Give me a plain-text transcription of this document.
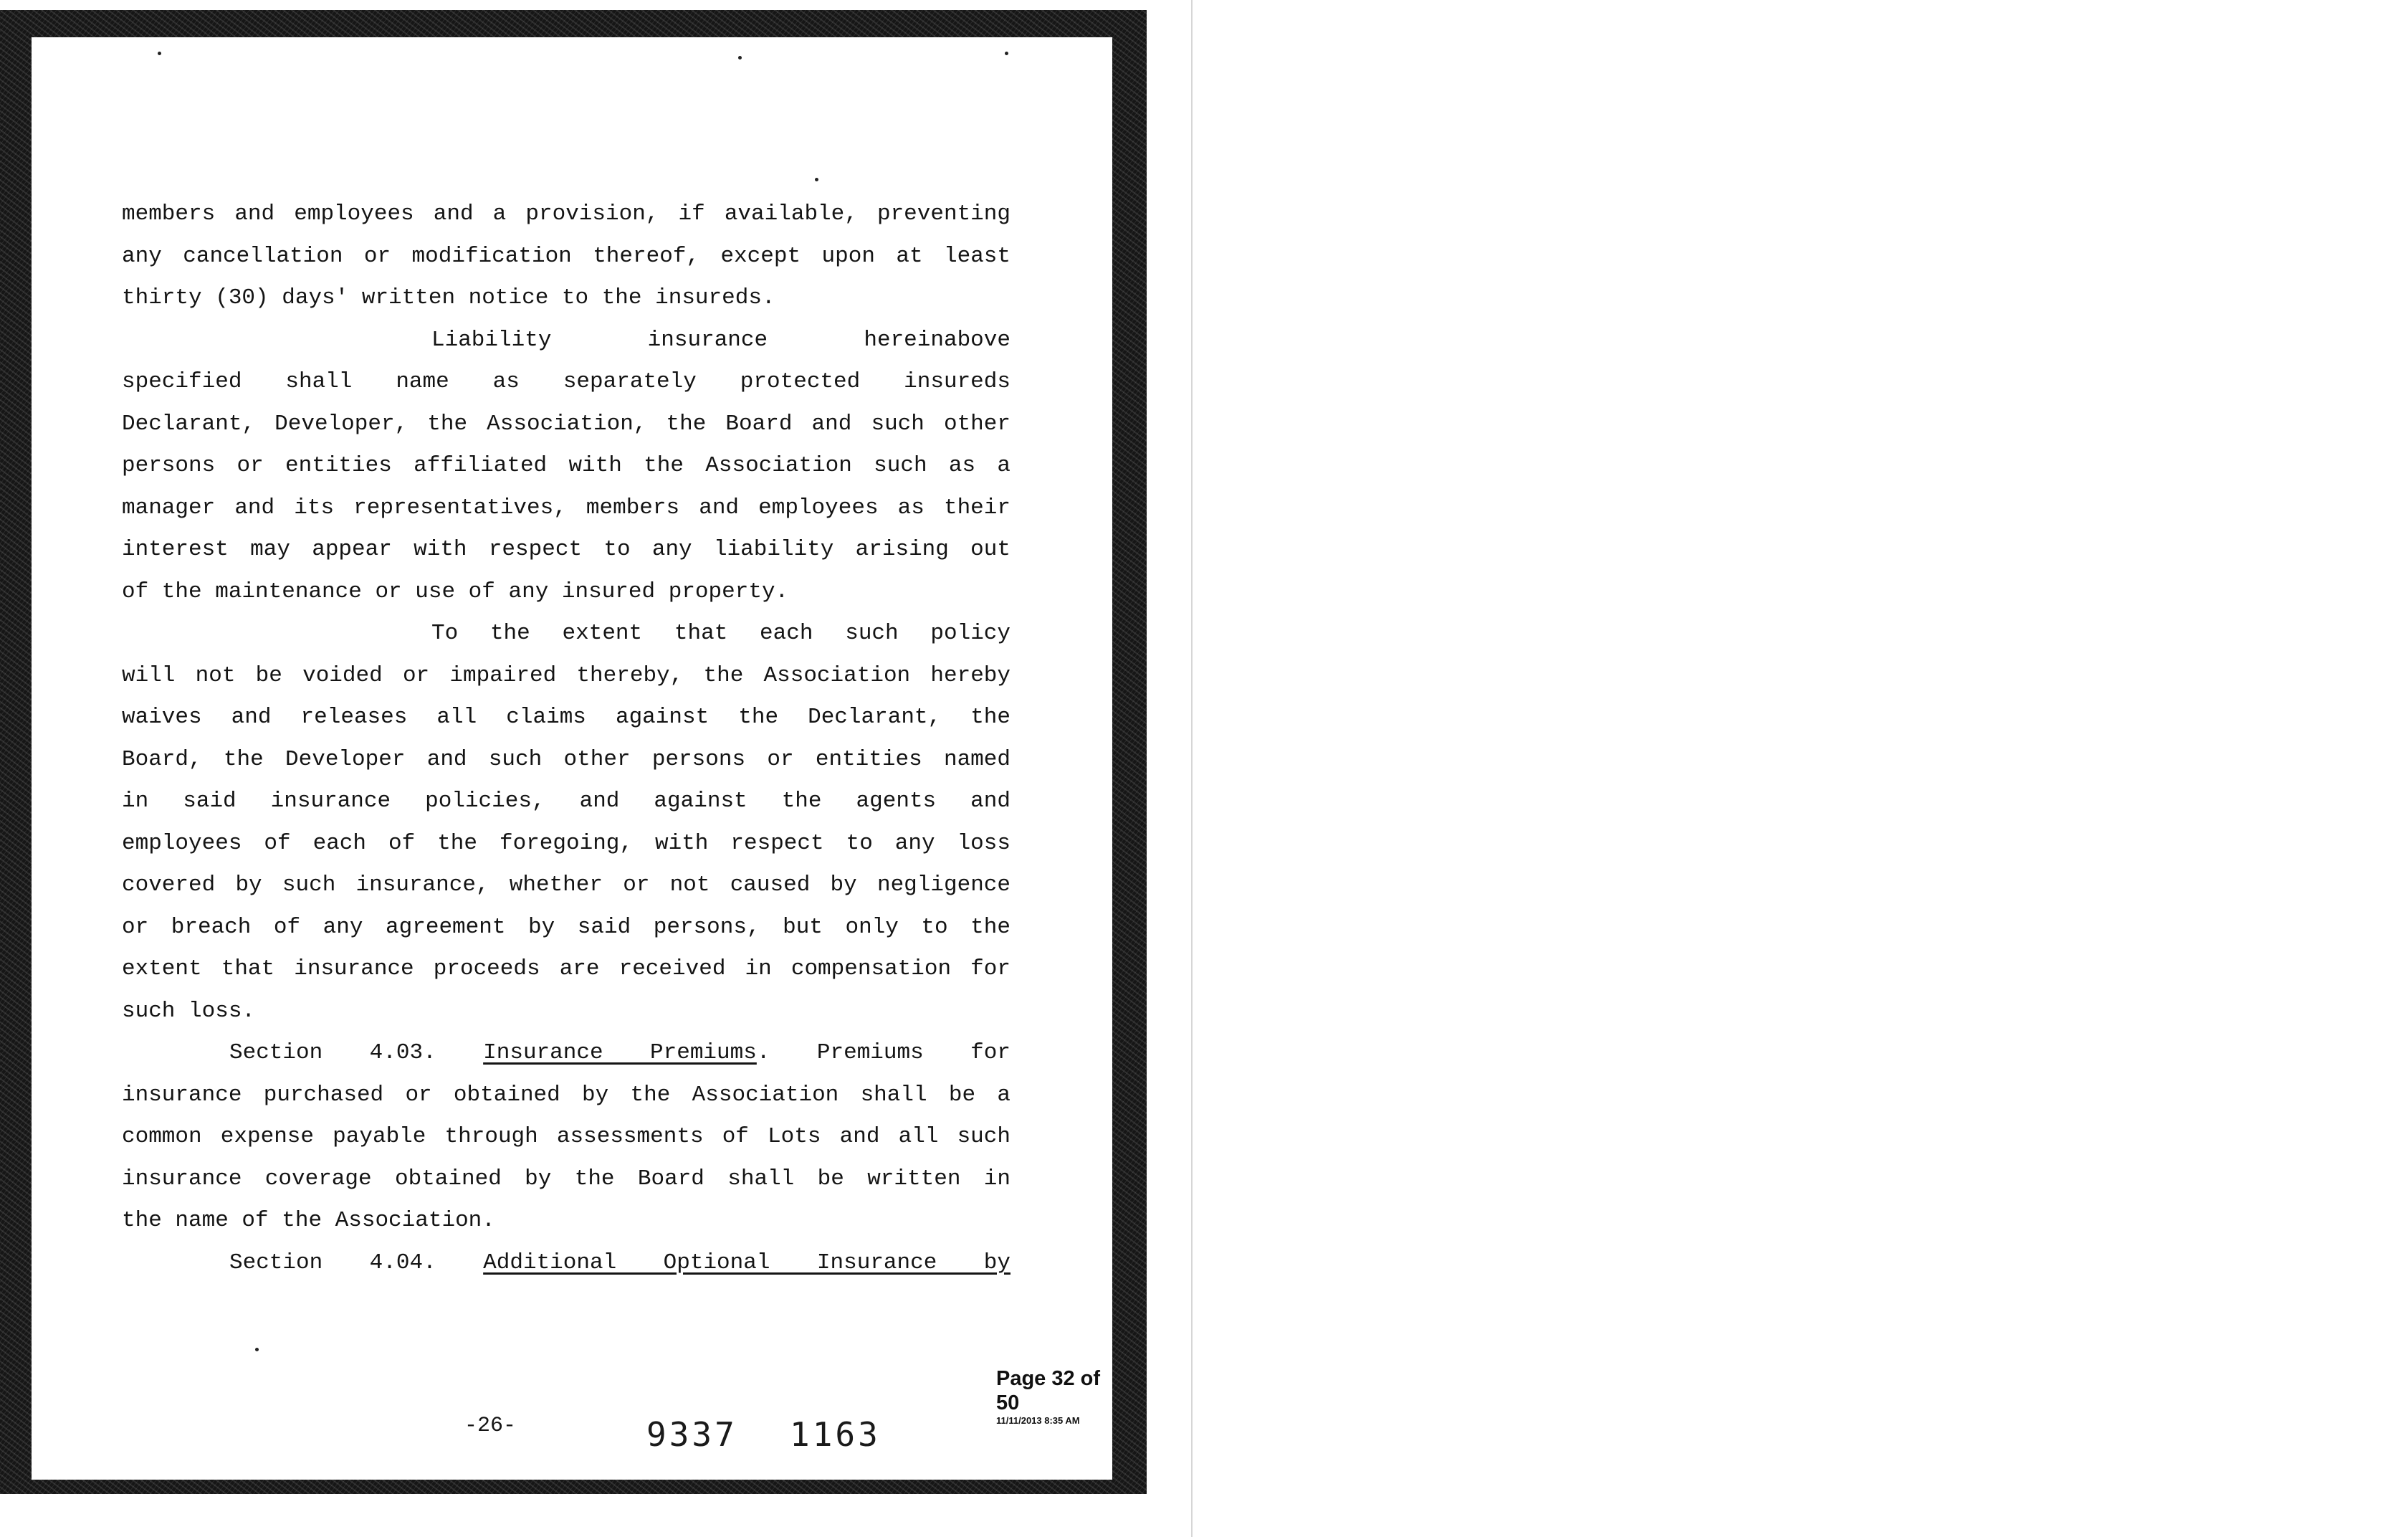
members and employees and a provision, if available, preventing
any cancellation or modification thereof, except upon at least
thirty (30) days' written notice to the insureds.

Liability insurance hereinabove
specified shall name as separately protected insureds
Declarant, Developer, the Association, the Board and such other
persons or entities affiliated with the Association such as a
manager and its representatives, members and employees as their
interest may appear with respect to any liability arising out
of the maintenance or use of any insured property.

To the extent that each such policy
will not be voided or impaired thereby, the Association hereby
waives and releases all claims against the Declarant, the
Board, the Developer and such other persons or entities named
in said insurance policies, and against the agents and
employees of each of the foregoing, with respect to any loss
covered by such insurance, whether or not caused by negligence
or breach of any agreement by said persons, but only to the
extent that insurance proceeds are received in compensation for
such loss.

Section 4.03. Insurance Premiums. Premiums for
insurance purchased or obtained by the Association shall be a
common expense payable through assessments of Lots and all such
insurance coverage obtained by the Board shall be written in
the name of the Association.

Section 4.04. Additional Optional Insurance by

Page 32 of 50
11/11/2013 8:35 AM
-26-	9337 1163
